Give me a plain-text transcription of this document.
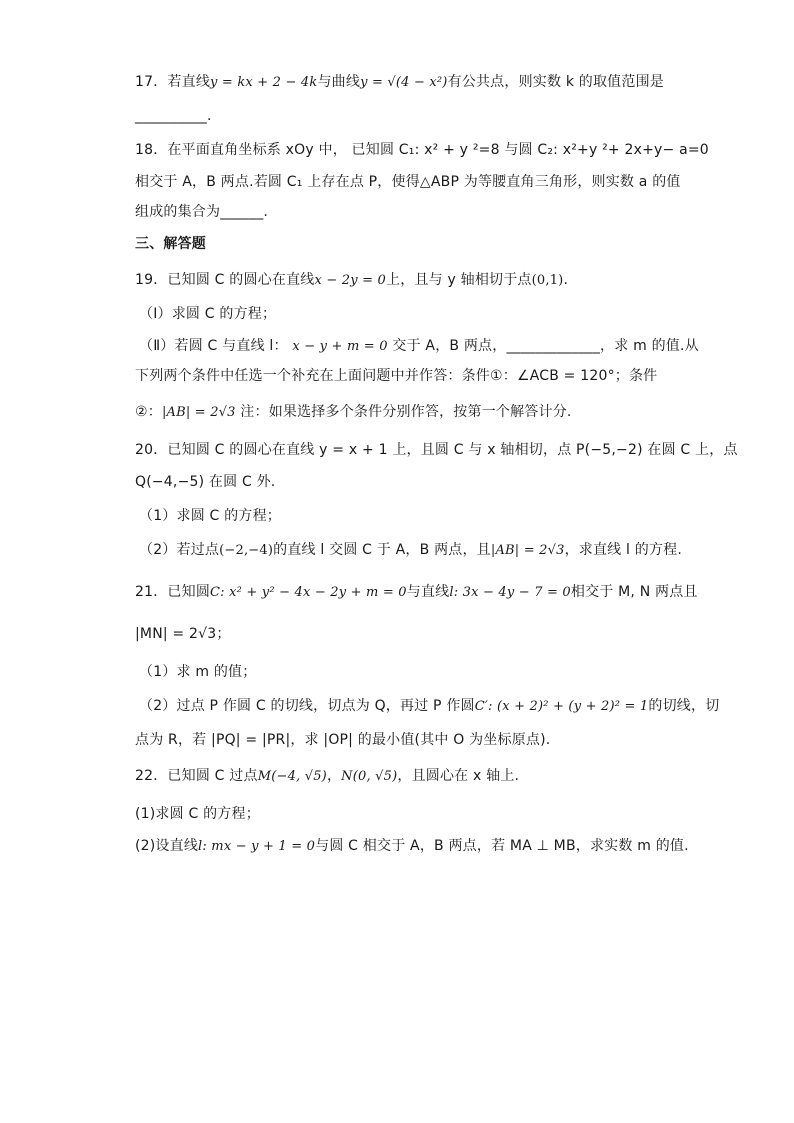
17．若直线y = kx + 2 − 4k与曲线y = √(4 − x²)有公共点，则实数 k 的取值范围是
__________.
18．在平面直角坐标系 xOy 中， 已知圆 C₁: x² + y ²=8 与圆 C₂: x²+y ²+ 2x+y− a=0
相交于 A，B 两点.若圆 C₁ 上存在点 P，使得△ABP 为等腰直角三角形，则实数 a 的值
组成的集合为______.
三、解答题
19．已知圆 C 的圆心在直线x − 2y = 0上，且与 y 轴相切于点(0,1).
（Ⅰ）求圆 C 的方程；
（Ⅱ）若圆 C 与直线 l： x − y + m = 0 交于 A，B 两点，_____________，求 m 的值.从
下列两个条件中任选一个补充在上面问题中并作答：条件①：∠ACB = 120°；条件
②：|AB| = 2√3 注：如果选择多个条件分别作答，按第一个解答计分.
20．已知圆 C 的圆心在直线 y = x + 1 上，且圆 C 与 x 轴相切，点 P(−5,−2) 在圆 C 上，点
Q(−4,−5) 在圆 C 外.
（1）求圆 C 的方程；
（2）若过点(−2,−4)的直线 l 交圆 C 于 A，B 两点，且|AB| = 2√3，求直线 l 的方程.
21．已知圆C: x² + y² − 4x − 2y + m = 0与直线l: 3x − 4y − 7 = 0相交于 M, N 两点且
|MN| = 2√3；
（1）求 m 的值；
（2）过点 P 作圆 C 的切线，切点为 Q，再过 P 作圆C′: (x + 2)² + (y + 2)² = 1的切线，切
点为 R，若 |PQ| = |PR|，求 |OP| 的最小值(其中 O 为坐标原点).
22．已知圆 C 过点M(−4, √5)，N(0, √5)，且圆心在 x 轴上.
(1)求圆 C 的方程；
(2)设直线l: mx − y + 1 = 0与圆 C 相交于 A，B 两点，若 MA ⊥ MB，求实数 m 的值.
